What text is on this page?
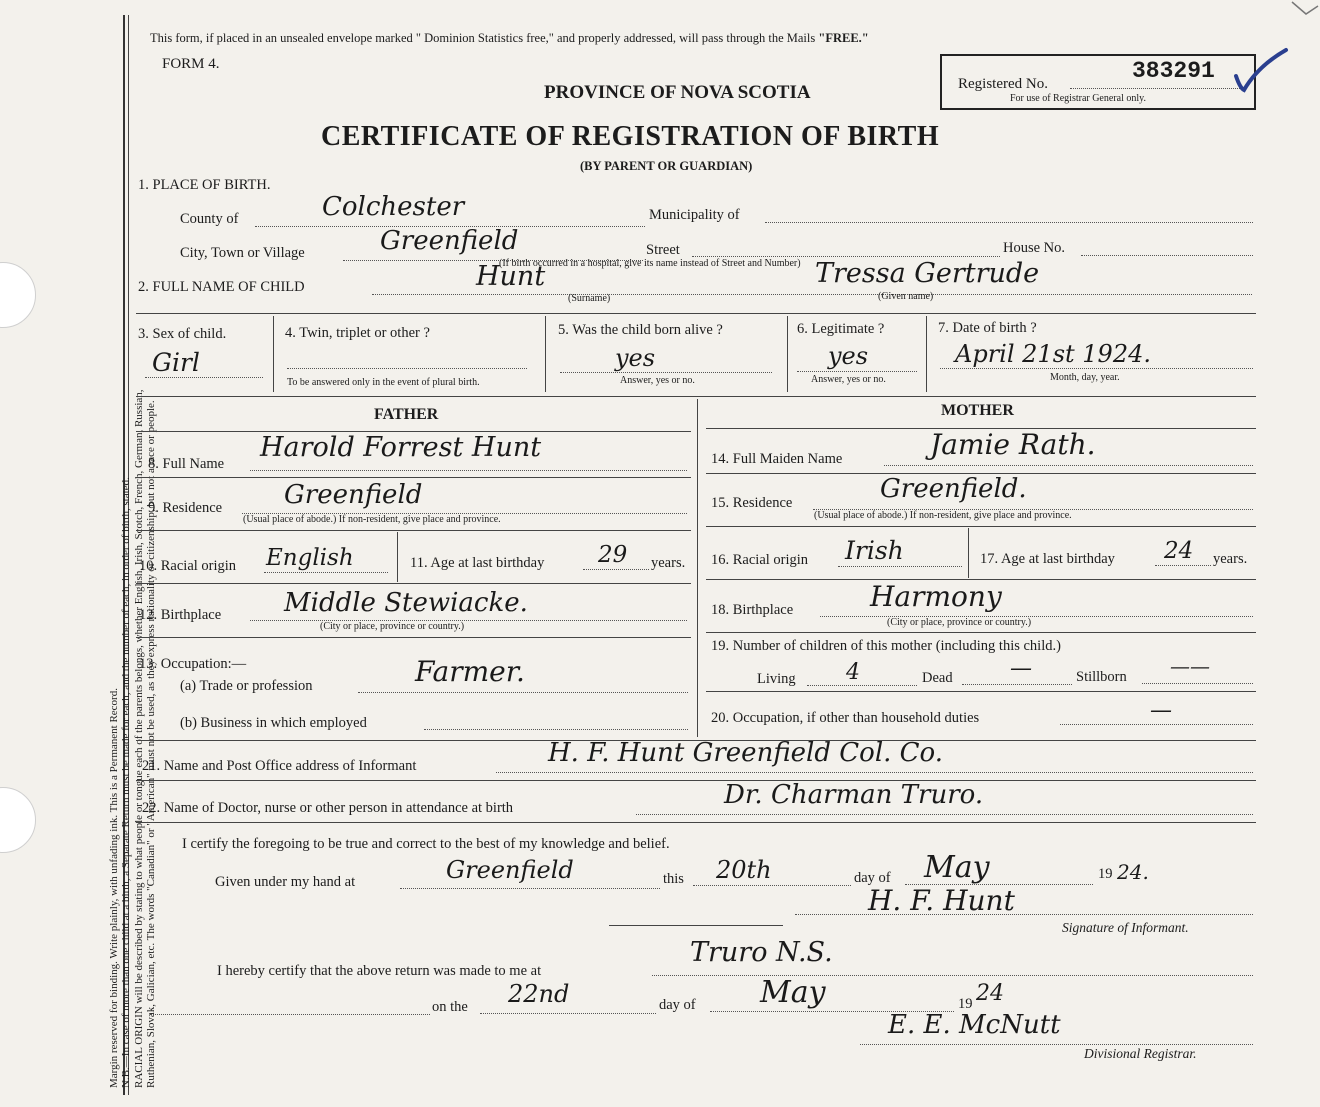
Margin reserved for binding. Write plainly, with unfading ink. This is a Permanent Record. N.B.—In case of more than one child at a birth, a Separate Return must be made for each, and the number of each, in order of birth, stated. RACIAL ORIGIN will be described by stating to what people or tongue each of the parents belongs, whether English, Irish, Scotch, French, German, Russian, Ruthenian, Slovak, Galician, etc. The words "Canadian" or "American" must not be used, as they express nationality or citizenship, but not a race or people.
This form, if placed in an unsealed envelope marked " Dominion Statistics free," and properly addressed, will pass through the Mails "FREE."
FORM 4.
PROVINCE OF NOVA SCOTIA
CERTIFICATE OF REGISTRATION OF BIRTH
(BY PARENT OR GUARDIAN)
Registered No.	383291
For use of Registrar General only.
1. PLACE OF BIRTH.
County of	Colchester	Municipality of
City, Town or Village	Greenfield	Street	House No.
(If birth occurred in a hospital, give its name instead of Street and Number)
2. FULL NAME OF CHILD	Hunt	Tressa Gertrude
(Surname)	(Given name)
3. Sex of child.
Girl
4. Twin, triplet or other ?
To be answered only in the event of plural birth.
5. Was the child born alive ?
yes
Answer, yes or no.
6. Legitimate ?
yes
Answer, yes or no.
7. Date of birth ?
April 21st 1924.
Month, day, year.
FATHER	MOTHER
8. Full Name
Harold Forrest Hunt
9. Residence Greenfield
(Usual place of abode.) If non-resident, give place and province.
10. Racial origin English	11. Age at last birthday 29 years.
12. Birthplace Middle Stewiacke.
(City or place, province or country.)
13. Occupation:—
(a) Trade or profession	Farmer.
(b) Business in which employed
14. Full Maiden Name	Jamie Rath.
15. Residence	Greenfield.
(Usual place of abode.) If non-resident, give place and province.
16. Racial origin Irish	17. Age at last birthday 24 years.
18. Birthplace	Harmony
(City or place, province or country.)
19. Number of children of this mother (including this child.)
Living 4	Dead	—	Stillborn ——
20. Occupation, if other than household duties	—
21. Name and Post Office address of Informant	H. F. Hunt Greenfield Col. Co.
22. Name of Doctor, nurse or other person in attendance at birth	Dr. Charman Truro.
I certify the foregoing to be true and correct to the best of my knowledge and belief.
Given under my hand at	Greenfield	this 20th	day of May	19 24.
H. F. Hunt
Signature of Informant.
I hereby certify that the above return was made to me at
Truro N.S.
on the 22nd	day of May	19 24
E. E. McNutt
Divisional Registrar.
